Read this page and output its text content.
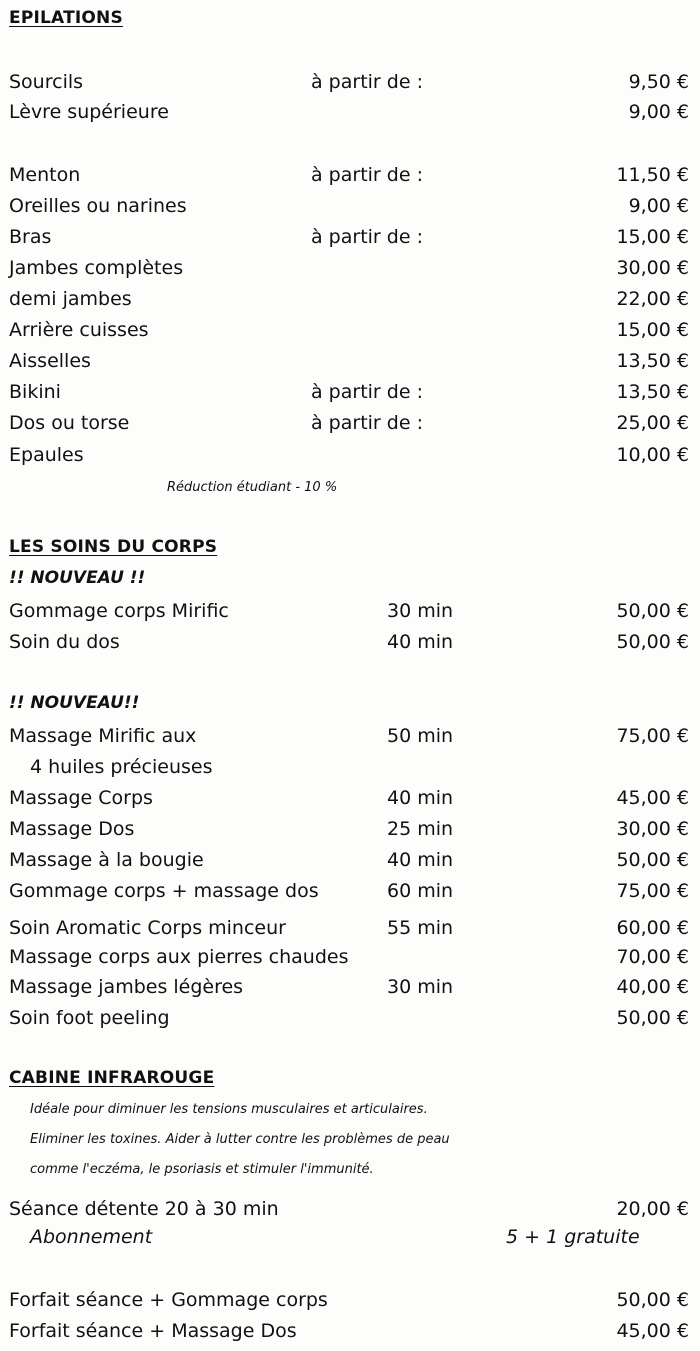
EPILATIONS
Sourcils	à partir de :	9,50 €
Lèvre supérieure	9,00 €
Menton	à partir de :	11,50 €
Oreilles ou narines	9,00 €
Bras	à partir de :	15,00 €
Jambes complètes	30,00 €
demi jambes	22,00 €
Arrière cuisses	15,00 €
Aisselles	13,50 €
Bikini	à partir de :	13,50 €
Dos ou torse	à partir de :	25,00 €
Epaules	10,00 €
Réduction étudiant - 10 %
LES SOINS DU CORPS
!! NOUVEAU !!
Gommage corps Mirific	30 min	50,00 €
Soin du dos	40 min	50,00 €
!! NOUVEAU!!
Massage Mirific aux	50 min	75,00 €
4 huiles précieuses
Massage Corps	40 min	45,00 €
Massage Dos	25 min	30,00 €
Massage à la bougie	40 min	50,00 €
Gommage corps + massage dos	60 min	75,00 €
Soin Aromatic Corps minceur	55 min	60,00 €
Massage corps aux pierres chaudes	70,00 €
Massage jambes légères	30 min	40,00 €
Soin foot peeling	50,00 €
CABINE INFRAROUGE
Idéale pour diminuer les tensions musculaires et articulaires.
Eliminer les toxines. Aider à lutter contre les problèmes de peau
comme l'eczéma, le psoriasis et stimuler l'immunité.
Séance détente 20 à 30 min	20,00 €
Abonnement	5 + 1 gratuite
Forfait séance + Gommage corps	50,00 €
Forfait séance + Massage Dos	45,00 €
